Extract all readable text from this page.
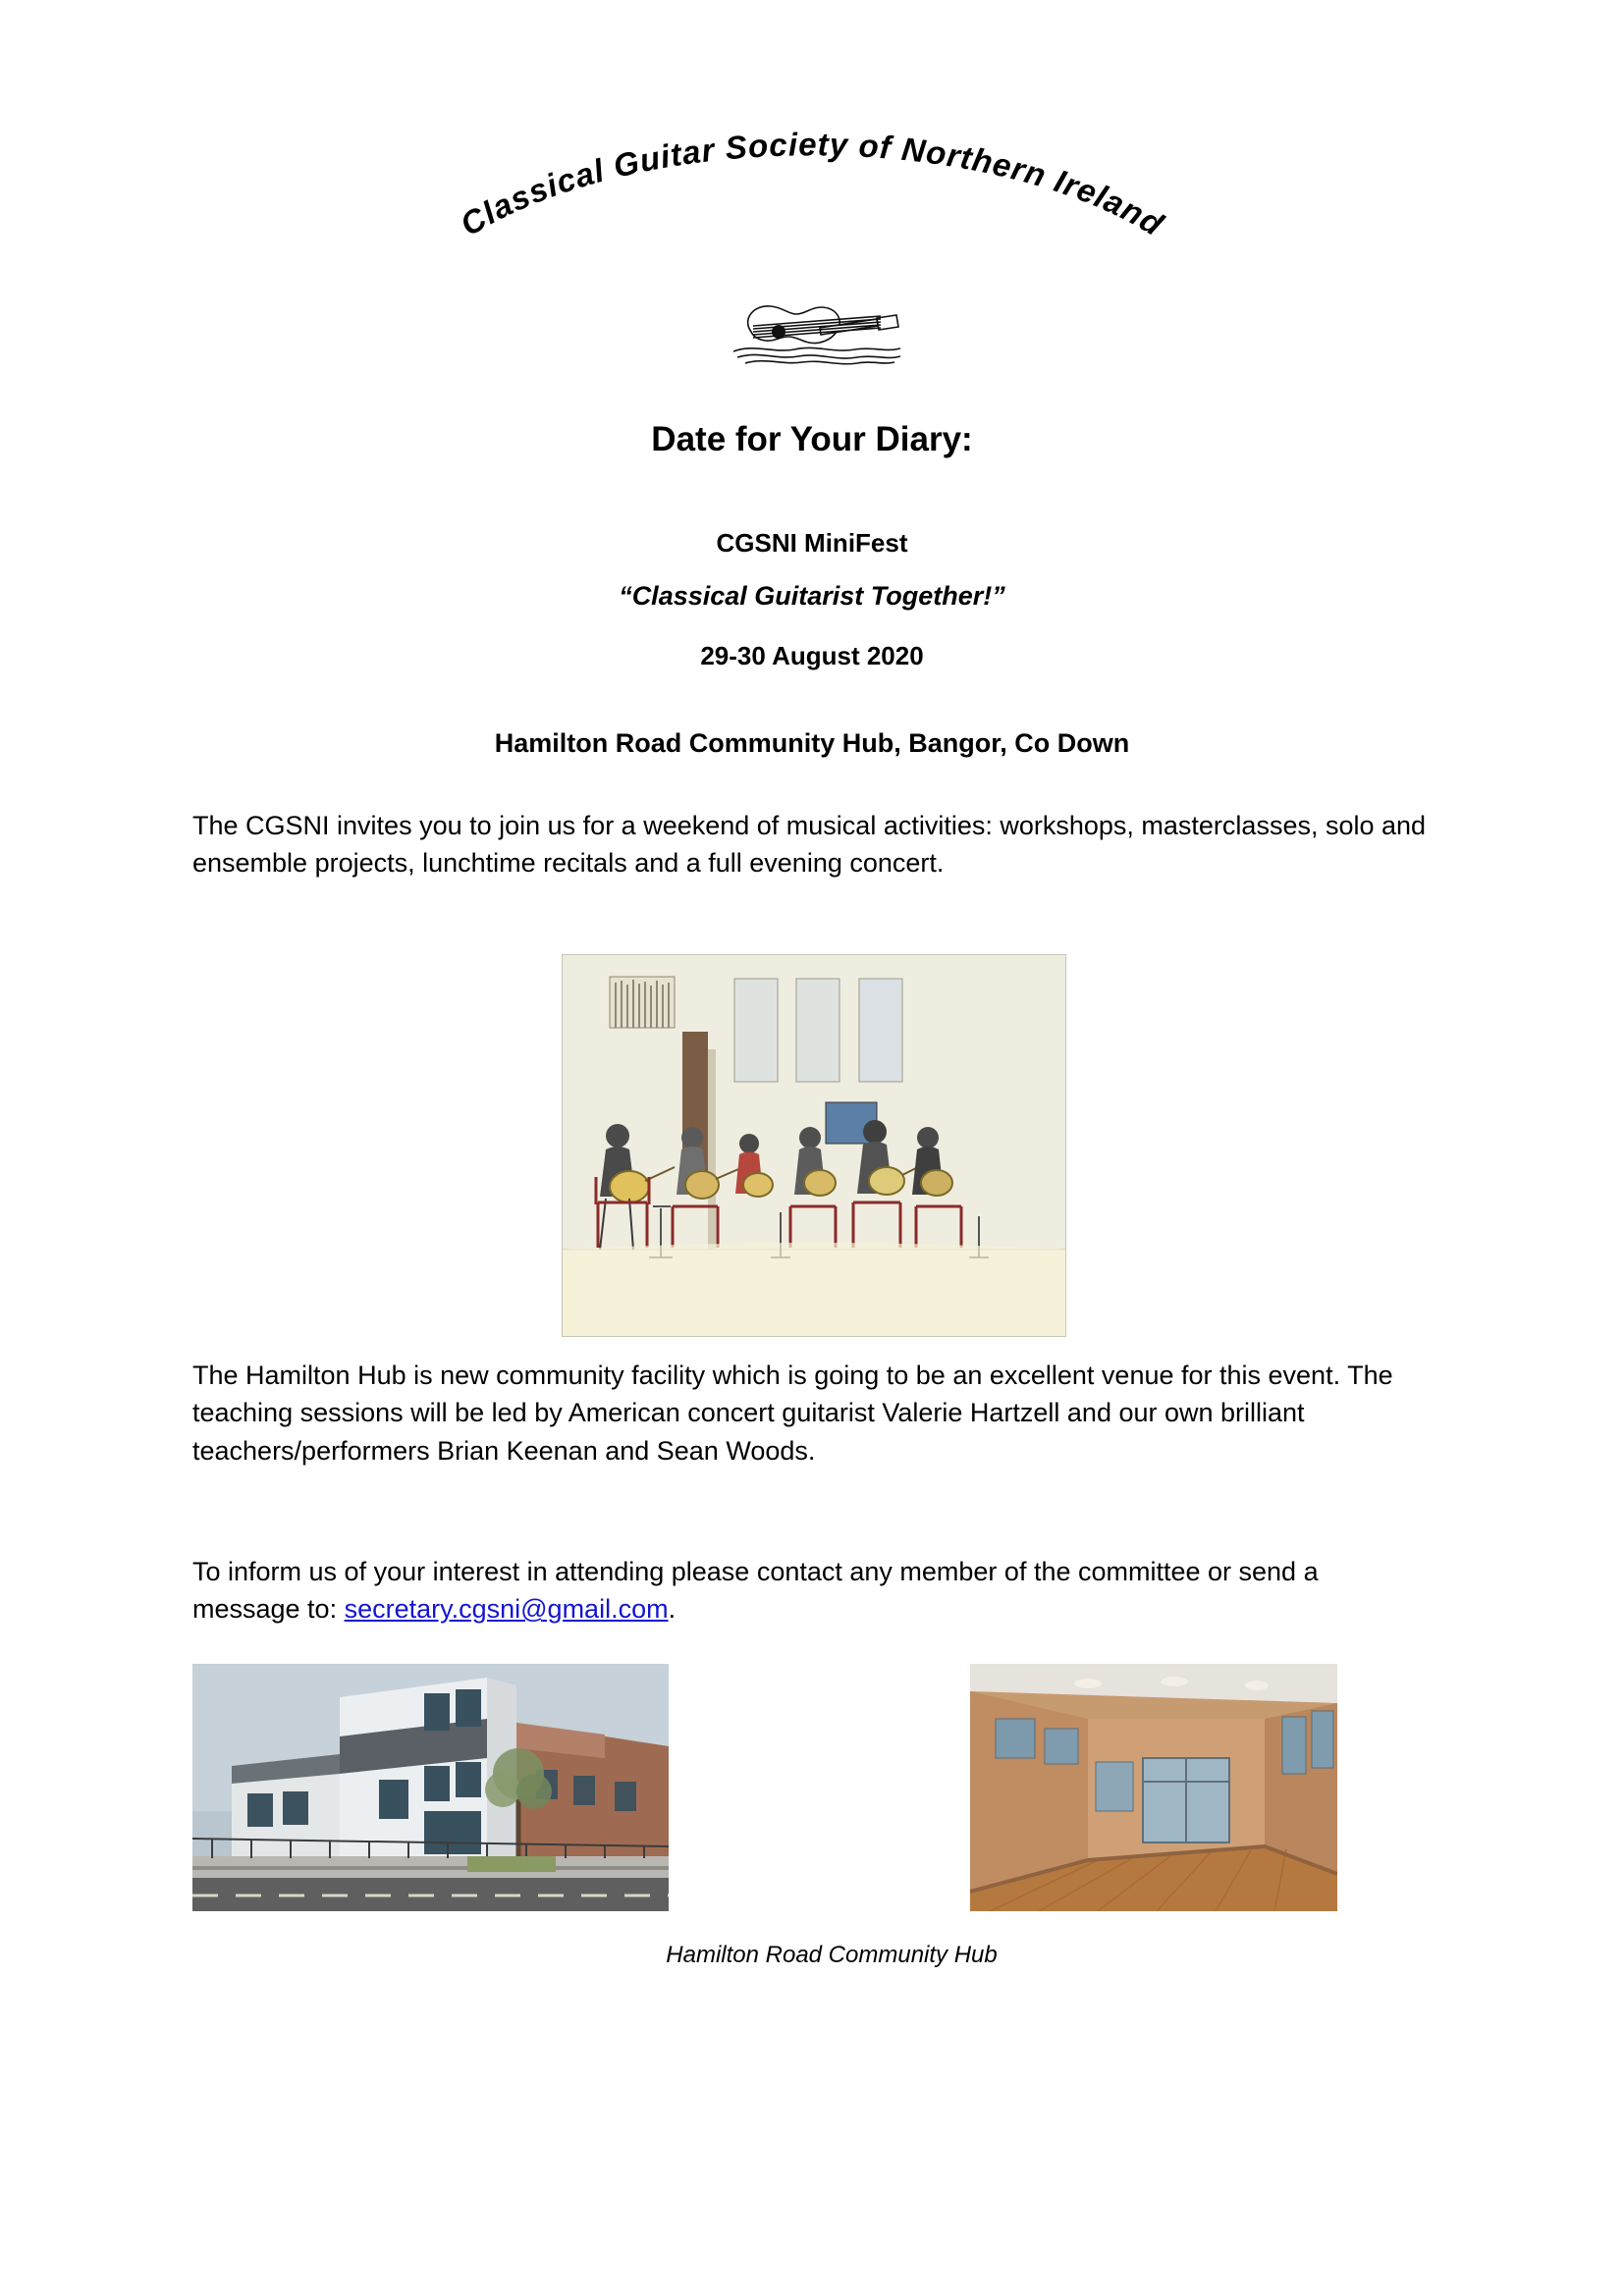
Classical Guitar Society of Northern Ireland
Date for Your Diary:
CGSNI MiniFest
“Classical Guitarist Together!”
29-30 August 2020
Hamilton Road Community Hub, Bangor, Co Down
The CGSNI invites you to join us for a weekend of musical activities: workshops, masterclasses, solo and ensemble projects, lunchtime recitals and a full evening concert.
The Hamilton Hub is new community facility which is going to be an excellent venue for this event. The teaching sessions will be led by American concert guitarist Valerie Hartzell and our own brilliant teachers/performers Brian Keenan and Sean Woods.
To inform us of your interest in attending please contact any member of the committee or send a message to: secretary.cgsni@gmail.com.
Hamilton Road Community Hub
